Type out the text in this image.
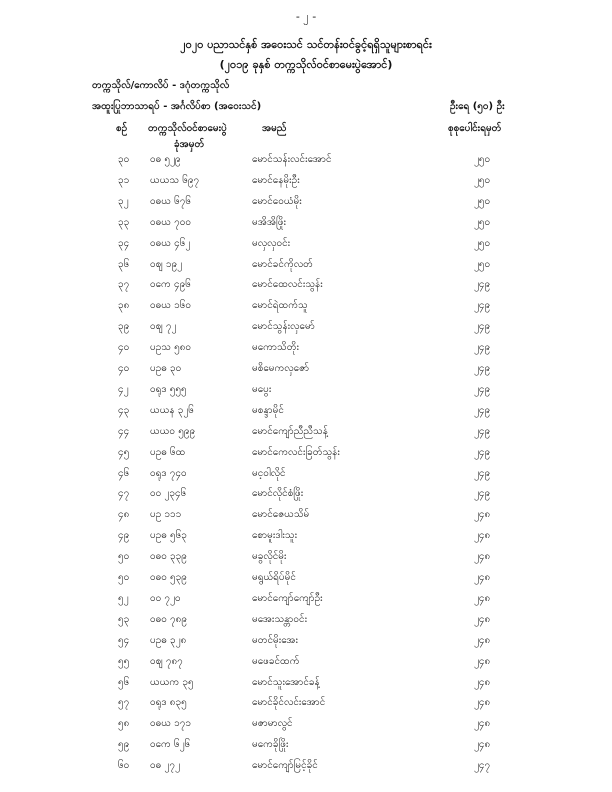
- ၂ -
၂၀၂၀ ပညာသင်နှစ် အဝေးသင် သင်တန်းဝင်ခွင့်ရရှိသူများစာရင်း
(၂၀၁၉ ခုနှစ် တက္ကသိုလ်ဝင်စာမေးပွဲအောင်)
တက္ကသိုလ်/ကောလိပ် - ဒဂုံတက္ကသိုလ်
အထူးပြုဘာသာရပ် - အင်္ဂလိပ်စာ (အဝေးသင်)	ဦးရေ (၅၀) ဦး
စဉ် တက္ကသိုလ်ဝင်စာမေးပွဲ	အမည်	စုစုပေါင်းရမှတ်
ခုံအမှတ်
၃၀ ဝဓ ၅၂၉	မောင်သန်းလင်းအောင်	၂၅၀
၃၁ ယယသ ၆၉၇	မောင်နေမိုးဦး	၂၅၀
၃၂ ဝဓယ ၆၇၆	မောင်ဝေယံမိုး	၂၅၀
၃၃ ဝဓယ ၇၀၀	မအိအိဖြိုး	၂၅၀
၃၄ ဝဓယ ၄၆၂	မလှလှဝင်း	၂၅၀
၃၆ ဝဈ ၁၉၂	မောင်ခင်ကိုလတ်	၂၅၀
၃၇ ဝကေ ၄၉၆	မောင်ထေလင်းသွန်း	၂၄၉
၃၈ ဝဓယ ၁၆၀	မောင်ရဲထက်သူ	၂၄၉
၃၉ ဝဈ ၇၂	မောင်သွန်းလှမော်	၂၄၉
၄၀ ပဥသ ၅၈၀	မကောသိတိုး	၂၄၉
၄၀ ပဥဓ ၃၀	မစိမေကလှဇော်	၂၄၉
၄၂ ဝရုဒ ၅၅၅	မပွေး	၂၄၉
၄၃ ယယန ၃၂၆	မစန္ဒာမိုင်	၂၄၉
၄၄ ယယဝ ၅၉၉	မောင်ကျော်ညီညီသန့်	၂၄၉
၄၅ ပဥဓ ၆ထ	မောင်ကေလင်းခြတ်သွန်း	၂၄၉
၄၆ ဝရုဒ ၇၄၀	မင့ဝါလိုင်	၂၄၉
၄၇ ဝဝ ၂၃၄၆	မောင်လိုင်စံဖြိုး	၂၄၉
၄၈ ပဥ ၁၁၁	မောင်ဇေယသိမ်	၂၄၈
၄၉ ပဥဓ ၅၆၃	စောမူးဒါးသူး	၂၄၈
၅၀ ဝဓ၀ ၃၃၉	မခွလိုင်မိုး	၂၄၈
၅၀ ဝဓ၀ ၅၃၉	မရွယ်ရိပ်မိုင်	၂၄၈
၅၂ ဝဝ ၇၂၀	မောင်ကျော်ကျော်ဦး	၂၄၈
၅၃ ဝဓ၀ ၇၈၉	မအေးသန္တာဝင်း	၂၄၈
၅၄ ပဥဓ ၃၂၈	မတင်မိုးအေး	၂၄၈
၅၅ ဝဈ ၇၈၇	မဖေခင်ထက်	၂၄၈
၅၆ ယယက ၃၅	မောင်သူးအောင်ခန့်	၂၄၈
၅၇ ဝရုဒ ၈၃၅	မောင်ခိုင်လင်းအောင်	၂၄၈
၅၈ ဝဓယ ၁၇၁	မဇာမာလွင်	၂၄၈
၅၉ ဝကေ ၆၂၆	မကေခိုဖြိုး	၂၄၈
၆၀ ဝဓ ၂၇၂	မောင်ကျော်မြင့်ခိုင်	၂၄၇
